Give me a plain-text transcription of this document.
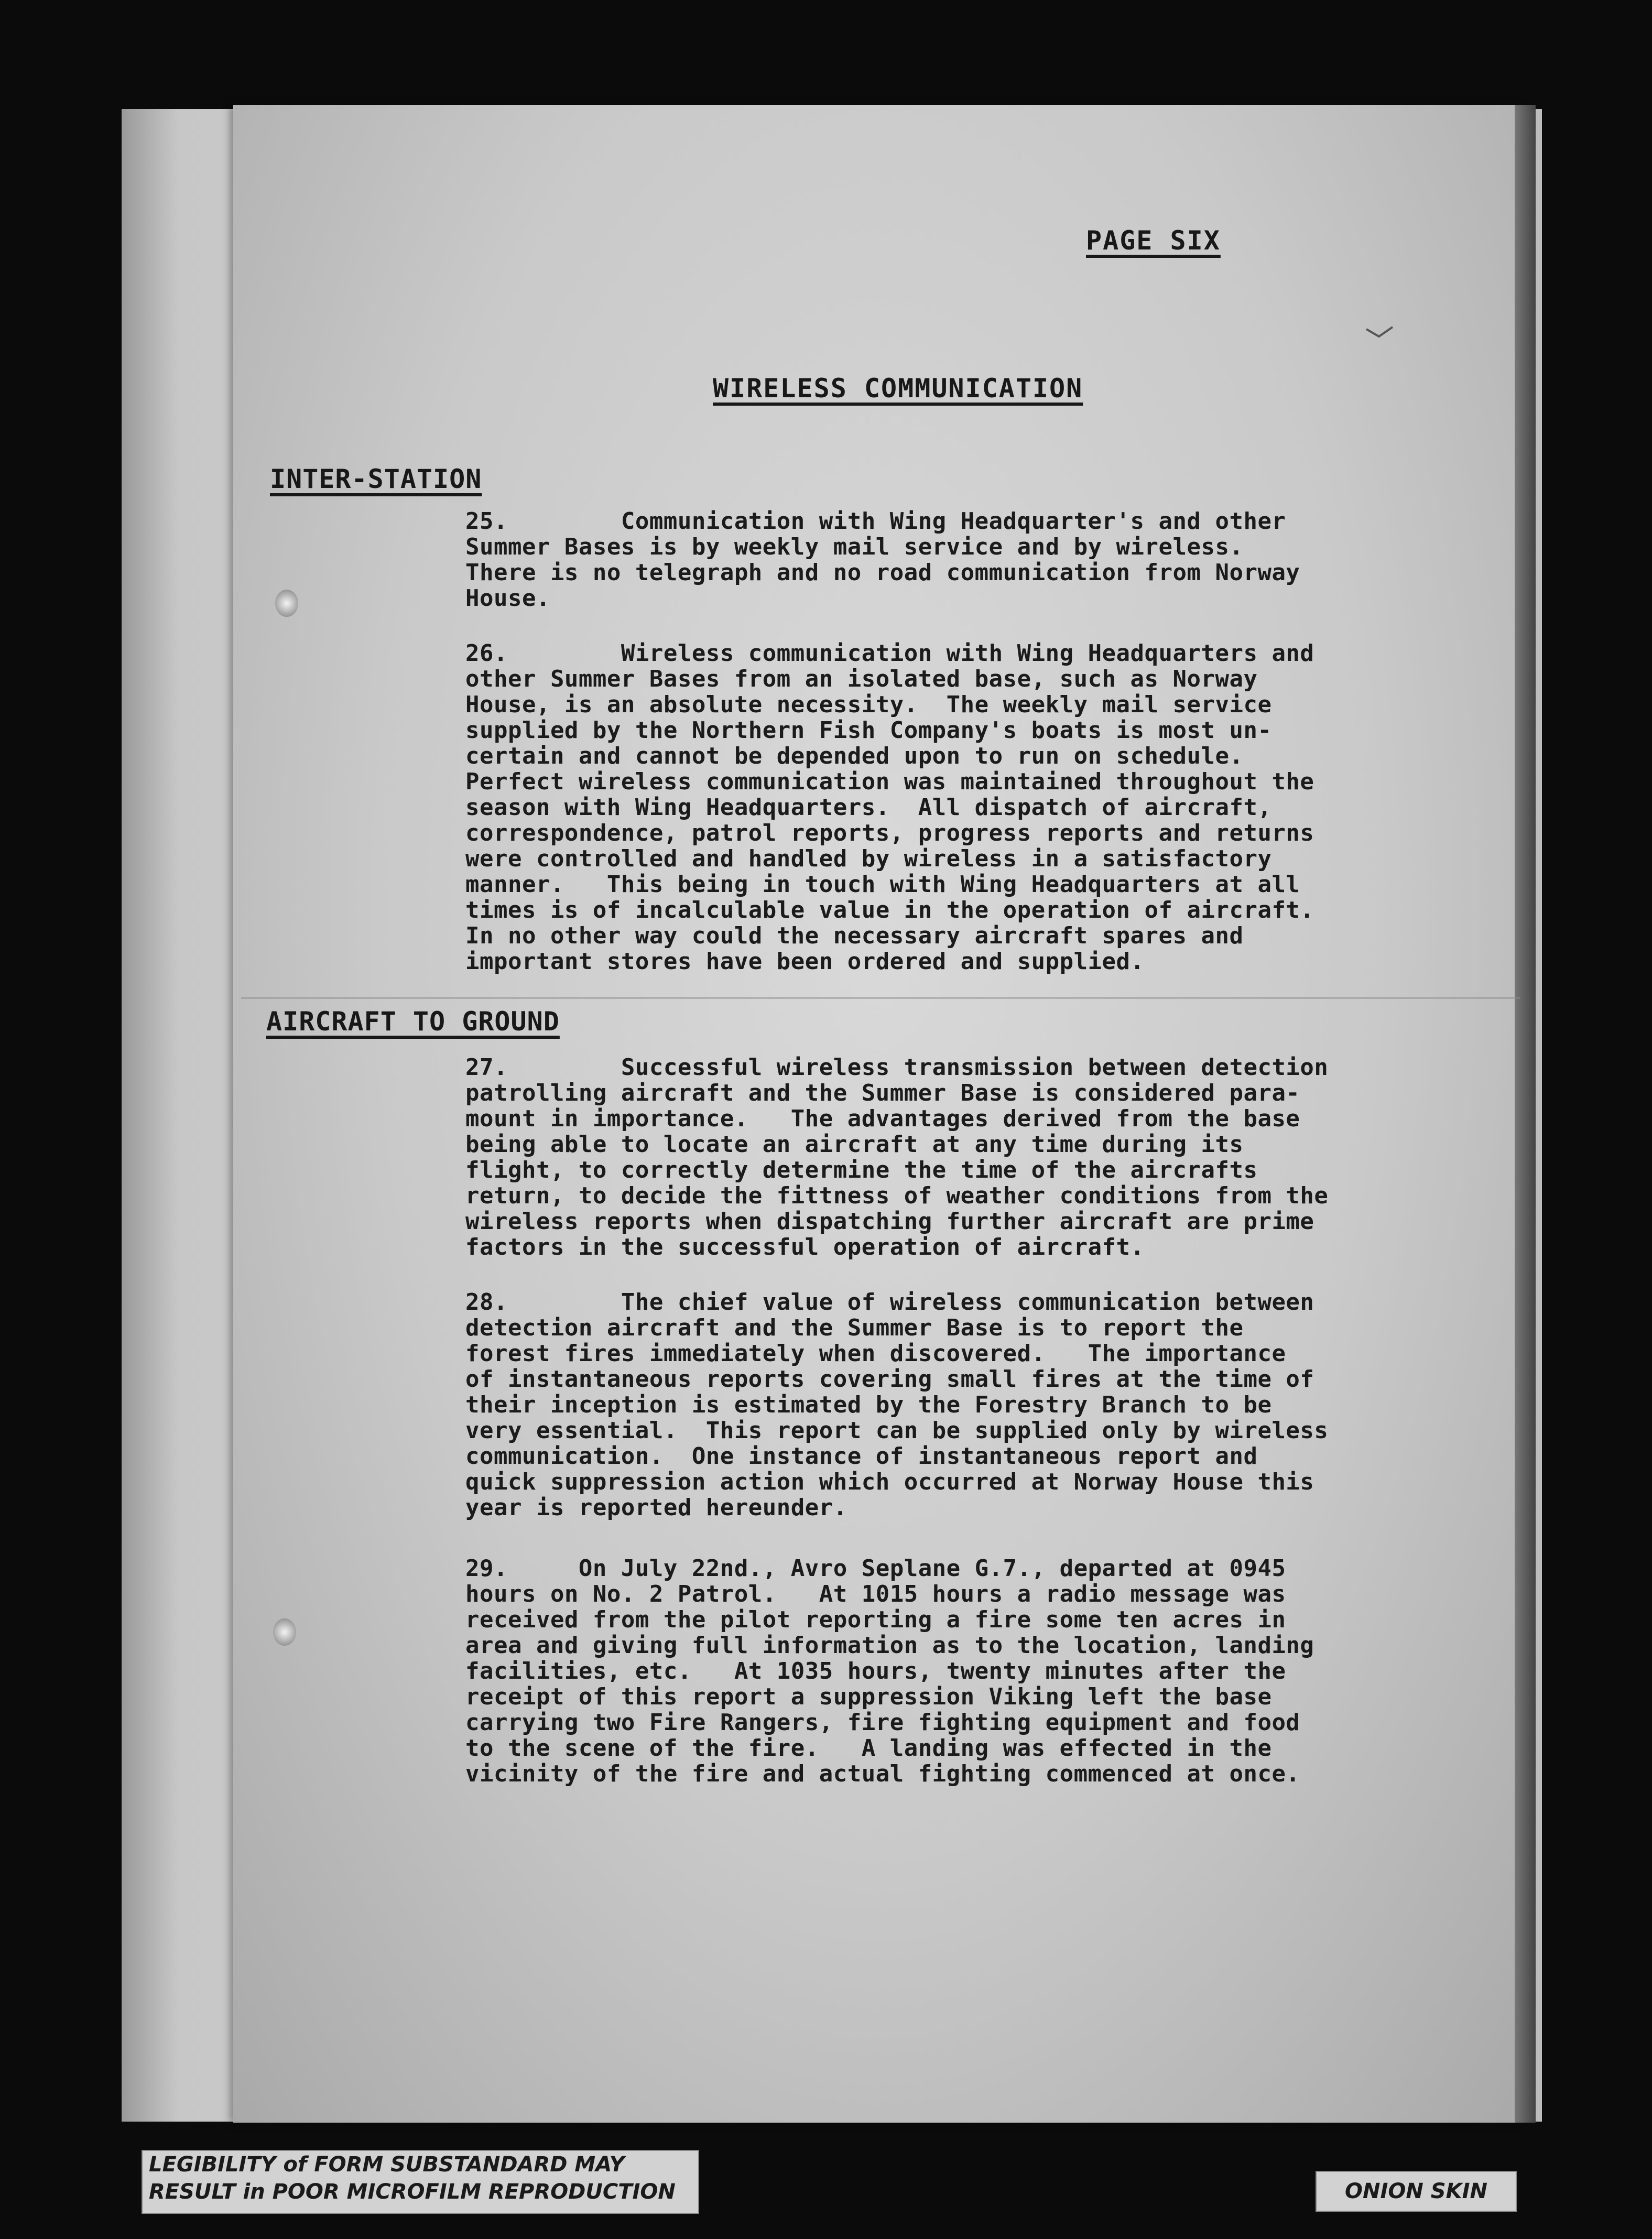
PAGE SIX
WIRELESS COMMUNICATION
INTER-STATION
25.        Communication with Wing Headquarter's and other
Summer Bases is by weekly mail service and by wireless.
There is no telegraph and no road communication from Norway
House.
26.        Wireless communication with Wing Headquarters and
other Summer Bases from an isolated base, such as Norway
House, is an absolute necessity.  The weekly mail service
supplied by the Northern Fish Company's boats is most un-
certain and cannot be depended upon to run on schedule.
Perfect wireless communication was maintained throughout the
season with Wing Headquarters.  All dispatch of aircraft,
correspondence, patrol reports, progress reports and returns
were controlled and handled by wireless in a satisfactory
manner.   This being in touch with Wing Headquarters at all
times is of incalculable value in the operation of aircraft.
In no other way could the necessary aircraft spares and
important stores have been ordered and supplied.
AIRCRAFT TO GROUND
27.        Successful wireless transmission between detection
patrolling aircraft and the Summer Base is considered para-
mount in importance.   The advantages derived from the base
being able to locate an aircraft at any time during its
flight, to correctly determine the time of the aircrafts
return, to decide the fittness of weather conditions from the
wireless reports when dispatching further aircraft are prime
factors in the successful operation of aircraft.
28.        The chief value of wireless communication between
detection aircraft and the Summer Base is to report the
forest fires immediately when discovered.   The importance
of instantaneous reports covering small fires at the time of
their inception is estimated by the Forestry Branch to be
very essential.  This report can be supplied only by wireless
communication.  One instance of instantaneous report and
quick suppression action which occurred at Norway House this
year is reported hereunder.
29.     On July 22nd., Avro Seplane G.7., departed at 0945
hours on No. 2 Patrol.   At 1015 hours a radio message was
received from the pilot reporting a fire some ten acres in
area and giving full information as to the location, landing
facilities, etc.   At 1035 hours, twenty minutes after the
receipt of this report a suppression Viking left the base
carrying two Fire Rangers, fire fighting equipment and food
to the scene of the fire.   A landing was effected in the
vicinity of the fire and actual fighting commenced at once.
LEGIBILITY of FORM SUBSTANDARD MAY
RESULT in POOR MICROFILM REPRODUCTION	ONION SKIN
